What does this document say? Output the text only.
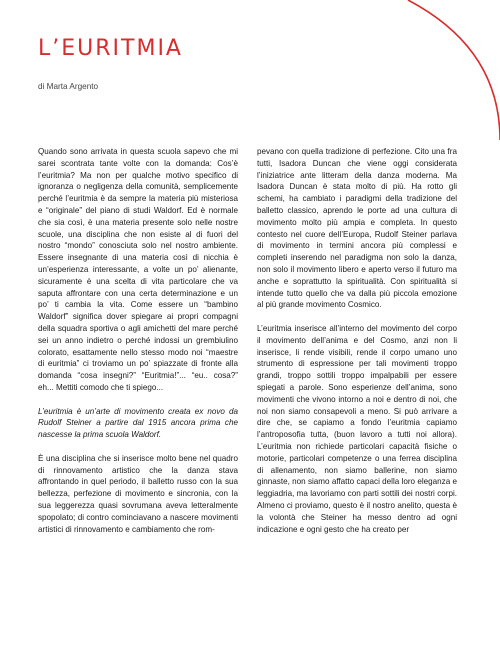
L’EURITMIA
di Marta Argento

Quando sono arrivata in questa scuola sapevo che mi sarei scontrata tante volte con la domanda: Cos’è l’euritmia? Ma non per qualche motivo specifico di ignoranza o negligenza della comunità, semplicemente perché l’euritmia è da sempre la materia più misteriosa e “originale” del piano di studi Waldorf. Ed è normale che sia così, è una materia presente solo nelle nostre scuole, una disciplina che non esiste al di fuori del nostro “mondo” conosciuta solo nel nostro ambiente. Essere insegnante di una materia così di nicchia è un’esperienza interessante, a volte un po’ alienante, sicuramente è una scelta di vita particolare che va saputa affrontare con una certa determinazione e un po’ ti cambia la vita. Come essere un “bambino Waldorf” significa dover spiegare ai propri compagni della squadra sportiva o agli amichetti del mare perché sei un anno indietro o perché indossi un grembiulino colorato, esattamente nello stesso modo noi “maestre di euritmia” ci troviamo un po’ spiazzate di fronte alla domanda “cosa insegni?” “Euritmia!”... “eu.. cosa?” eh... Mettiti comodo che ti spiego...

L’euritmia è un’arte di movimento creata ex novo da Rudolf Steiner a partire dal 1915 ancora prima che nascesse la prima scuola Waldorf.

È una disciplina che si inserisce molto bene nel quadro di rinnovamento artistico che la danza stava affrontando in quel periodo, il balletto russo con la sua bellezza, perfezione di movimento e sincronia, con la sua leggerezza quasi sovrumana aveva letteralmente spopolato; di contro cominciavano a nascere movimenti artistici di rinnovamento e cambiamento che rom-

pevano con quella tradizione di perfezione. Cito una fra tutti, Isadora Duncan che viene oggi considerata l’iniziatrice ante litteram della danza moderna. Ma Isadora Duncan è stata molto di più. Ha rotto gli schemi, ha cambiato i paradigmi della tradizione del balletto classico, aprendo le porte ad una cultura di movimento molto più ampia e completa. In questo contesto nel cuore dell’Europa, Rudolf Steiner parlava di movimento in termini ancora più complessi e completi inserendo nel paradigma non solo la danza, non solo il movimento libero e aperto verso il futuro ma anche e soprattutto la spiritualità. Con spiritualità si intende tutto quello che va dalla più piccola emozione al più grande movimento Cosmico.

L’euritmia inserisce all’interno del movimento del corpo il movimento dell’anima e del Cosmo, anzi non li inserisce, li rende visibili, rende il corpo umano uno strumento di espressione per tali movimenti troppo grandi, troppo sottili troppo impalpabili per essere spiegati a parole. Sono esperienze dell’anima, sono movimenti che vivono intorno a noi e dentro di noi, che noi non siamo consapevoli a meno. Si può arrivare a dire che, se capiamo a fondo l’euritmia capiamo l’antroposofia tutta, (buon lavoro a tutti noi allora). L’euritmia non richiede particolari capacità fisiche o motorie, particolari competenze o una ferrea disciplina di allenamento, non siamo ballerine, non siamo ginnaste, non siamo affatto capaci della loro eleganza e leggiadria, ma lavoriamo con parti sottili dei nostri corpi. Almeno ci proviamo, questo è il nostro anelito, questa è la volontà che Steiner ha messo dentro ad ogni indicazione e ogni gesto che ha creato per
